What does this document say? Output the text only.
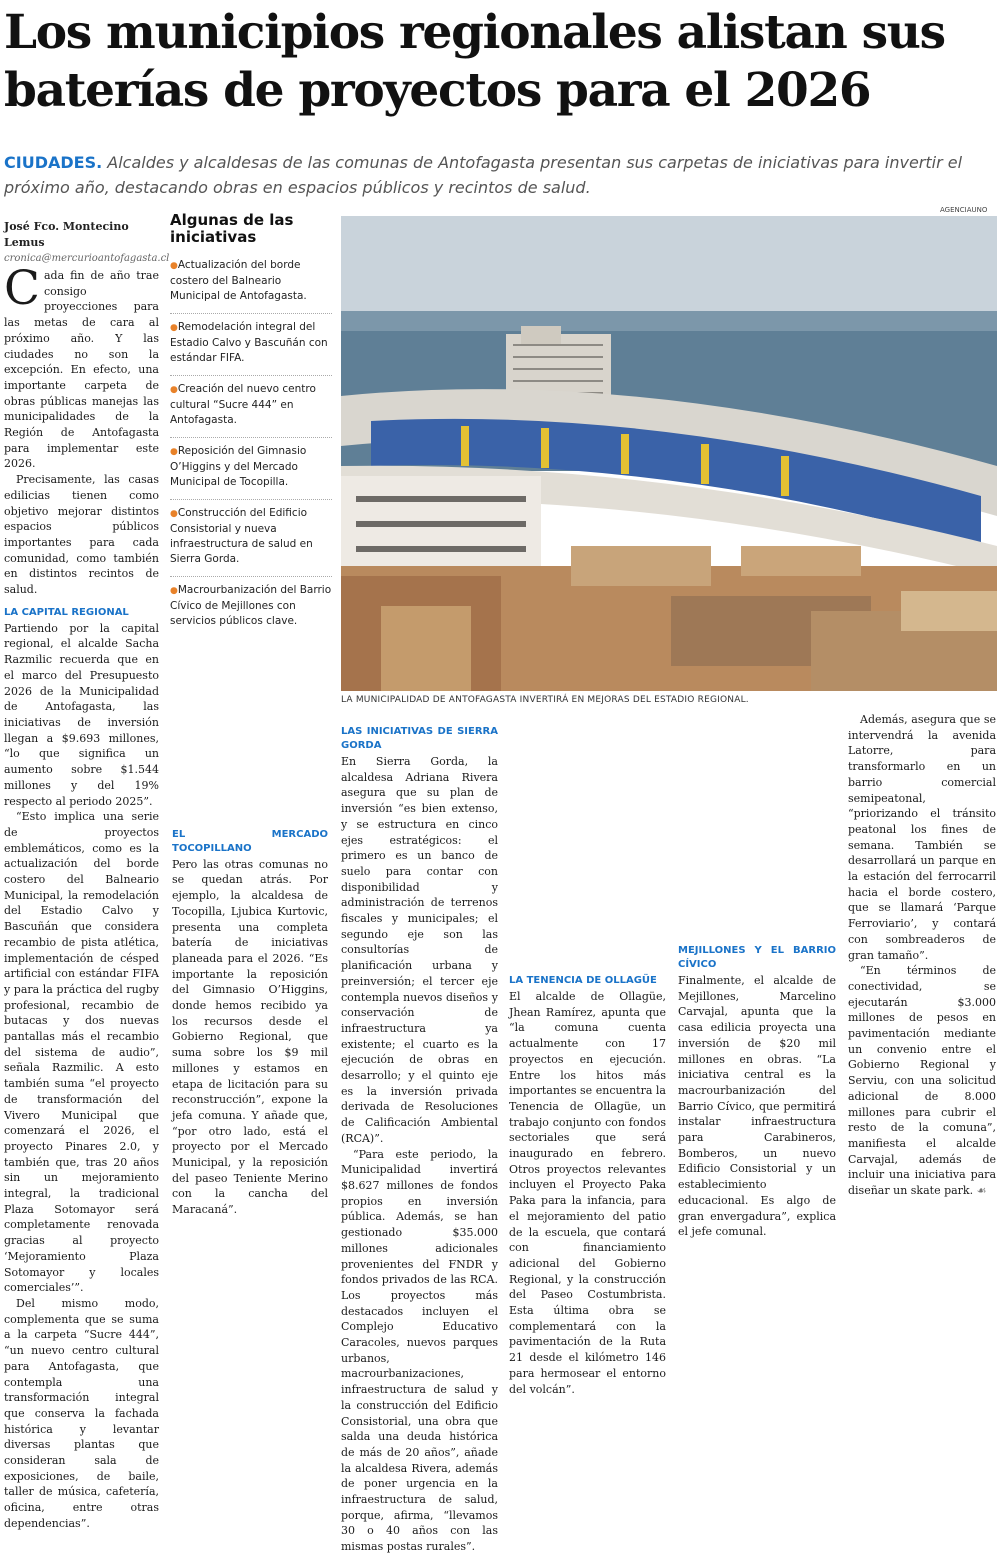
Los municipios regionales alistan sus baterías de proyectos para el 2026
CIUDADES. Alcaldes y alcaldesas de las comunas de Antofagasta presentan sus carpetas de iniciativas para invertir el próximo año, destacando obras en espacios públicos y recintos de salud.
José Fco. Montecino Lemus
cronica@mercurioantofagasta.cl

Cada fin de año trae consigo proyecciones para las metas de cara al próximo año. Y las ciudades no son la excepción. En efecto, una importante carpeta de obras públicas manejas las municipalidades de la Región de Antofagasta para implementar este 2026.

Precisamente, las casas edilicias tienen como objetivo mejorar distintos espacios públicos importantes para cada comunidad, como también en distintos recintos de salud.

LA CAPITAL REGIONAL

Partiendo por la capital regional, el alcalde Sacha Razmilic recuerda que en el marco del Presupuesto 2026 de la Municipalidad de Antofagasta, las iniciativas de inversión llegan a $9.693 millones, “lo que significa un aumento sobre $1.544 millones y del 19% respecto al periodo 2025”.

“Esto implica una serie de proyectos emblemáticos, como es la actualización del borde costero del Balneario Municipal, la remodelación del Estadio Calvo y Bascuñán que considera recambio de pista atlética, implementación de césped artificial con estándar FIFA y para la práctica del rugby profesional, recambio de butacas y dos nuevas pantallas más el recambio del sistema de audio”, señala Razmilic. A esto también suma “el proyecto de transformación del Vivero Municipal que comenzará el 2026, el proyecto Pinares 2.0, y también que, tras 20 años sin un mejoramiento integral, la tradicional Plaza Sotomayor será completamente renovada gracias al proyecto ‘Mejoramiento Plaza Sotomayor y locales comerciales’”.

Del mismo modo, complementa que se suma a la carpeta “Sucre 444”, “un nuevo centro cultural para Antofagasta, que contempla una transformación integral que conserva la fachada histórica y levantar diversas plantas que consideran sala de exposiciones, de baile, taller de música, cafetería, oficina, entre otras dependencias”.

Algunas de las iniciativas
●Actualización del borde costero del Balneario Municipal de Antofagasta.
●Remodelación integral del Estadio Calvo y Bascuñán con estándar FIFA.
●Creación del nuevo centro cultural “Sucre 444” en Antofagasta.
●Reposición del Gimnasio O’Higgins y del Mercado Municipal de Tocopilla.
●Construcción del Edificio Consistorial y nueva infraestructura de salud en Sierra Gorda.
●Macrourbanización del Barrio Cívico de Mejillones con servicios públicos clave.
AGENCIAUNO
LA MUNICIPALIDAD DE ANTOFAGASTA INVERTIRÁ EN MEJORAS DEL ESTADIO REGIONAL.

EL MERCADO TOCOPILLANO

Pero las otras comunas no se quedan atrás. Por ejemplo, la alcaldesa de Tocopilla, Ljubica Kurtovic, presenta una completa batería de iniciativas planeada para el 2026. “Es importante la reposición del Gimnasio O’Higgins, donde hemos recibido ya los recursos desde el Gobierno Regional, que suma sobre los $9 mil millones y estamos en etapa de licitación para su reconstrucción”, expone la jefa comuna. Y añade que, “por otro lado, está el proyecto por el Mercado Municipal, y la reposición del paseo Teniente Merino con la cancha del Maracaná”.

LAS INICIATIVAS DE SIERRA GORDA

En Sierra Gorda, la alcaldesa Adriana Rivera asegura que su plan de inversión “es bien extenso, y se estructura en cinco ejes estratégicos: el primero es un banco de suelo para contar con disponibilidad y administración de terrenos fiscales y municipales; el segundo eje son las consultorías de planificación urbana y preinversión; el tercer eje contempla nuevos diseños y conservación de infraestructura ya existente; el cuarto es la ejecución de obras en desarrollo; y el quinto eje es la inversión privada derivada de Resoluciones de Calificación Ambiental (RCA)”.

“Para este periodo, la Municipalidad invertirá $8.627 millones de fondos propios en inversión pública. Además, se han gestionado $35.000 millones adicionales provenientes del FNDR y fondos privados de las RCA. Los proyectos más destacados incluyen el Complejo Educativo Caracoles, nuevos parques urbanos, macrourbanizaciones, infraestructura de salud y la construcción del Edificio Consistorial, una obra que salda una deuda histórica de más de 20 años”, añade la alcaldesa Rivera, además de poner urgencia en la infraestructura de salud, porque, afirma, “llevamos 30 o 40 años con las mismas postas rurales”.

LA TENENCIA DE OLLAGÜE

El alcalde de Ollagüe, Jhean Ramírez, apunta que “la comuna cuenta actualmente con 17 proyectos en ejecución. Entre los hitos más importantes se encuentra la Tenencia de Ollagüe, un trabajo conjunto con fondos sectoriales que será inaugurado en febrero. Otros proyectos relevantes incluyen el Proyecto Paka Paka para la infancia, para el mejoramiento del patio de la escuela, que contará con financiamiento adicional del Gobierno Regional, y la construcción del Paseo Costumbrista. Esta última obra se complementará con la pavimentación de la Ruta 21 desde el kilómetro 146 para hermosear el entorno del volcán”.

MEJILLONES Y EL BARRIO CÍVICO

Finalmente, el alcalde de Mejillones, Marcelino Carvajal, apunta que la casa edilicia proyecta una inversión de $20 mil millones en obras. “La iniciativa central es la macrourbanización del Barrio Cívico, que permitirá instalar infraestructura para Carabineros, Bomberos, un nuevo Edificio Consistorial y un establecimiento educacional. Es algo de gran envergadura”, explica el jefe comunal.

Además, asegura que se intervendrá la avenida Latorre, para transformarlo en un barrio comercial semipeatonal, “priorizando el tránsito peatonal los fines de semana. También se desarrollará un parque en la estación del ferrocarril hacia el borde costero, que se llamará ‘Parque Ferroviario’, y contará con sombreaderos de gran tamaño”.

“En términos de conectividad, se ejecutarán $3.000 millones de pesos en pavimentación mediante un convenio entre el Gobierno Regional y Serviu, con una solicitud adicional de 8.000 millones para cubrir el resto de la comuna”, manifiesta el alcalde Carvajal, además de incluir una iniciativa para diseñar un skate park. ☙
